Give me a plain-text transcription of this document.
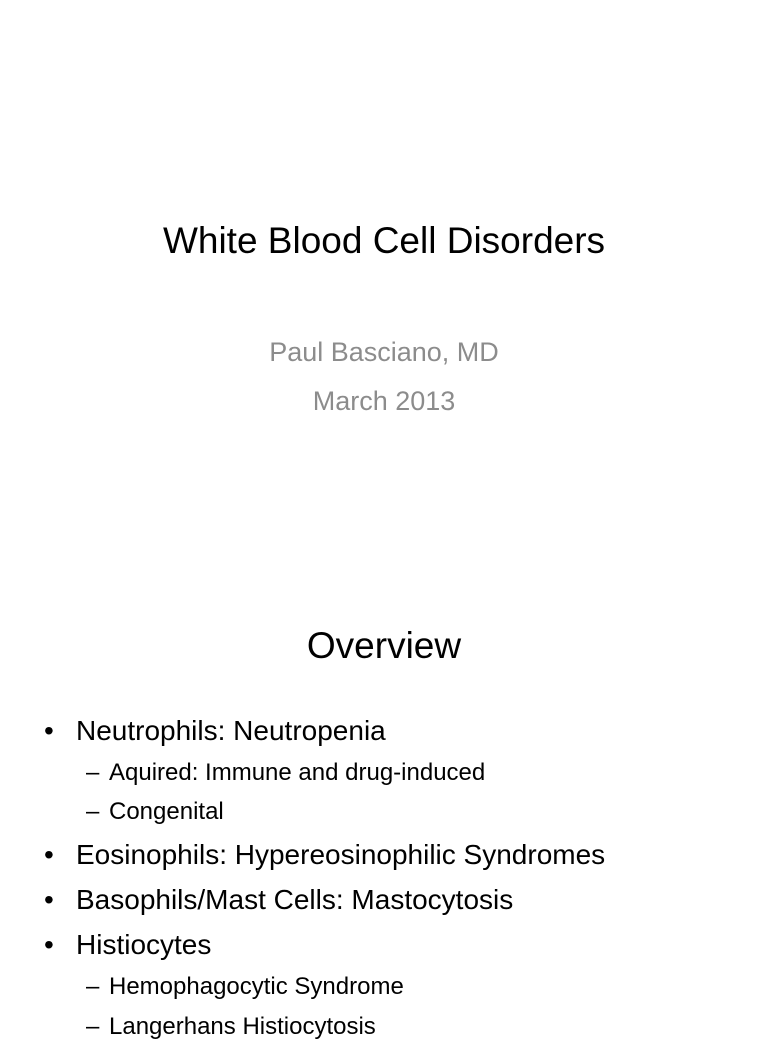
White Blood Cell Disorders
Paul Basciano, MD
March 2013
Overview
• Neutrophils: Neutropenia
– Aquired: Immune and drug-induced
– Congenital
• Eosinophils: Hypereosinophilic Syndromes
• Basophils/Mast Cells: Mastocytosis
• Histiocytes
– Hemophagocytic Syndrome
– Langerhans Histiocytosis
